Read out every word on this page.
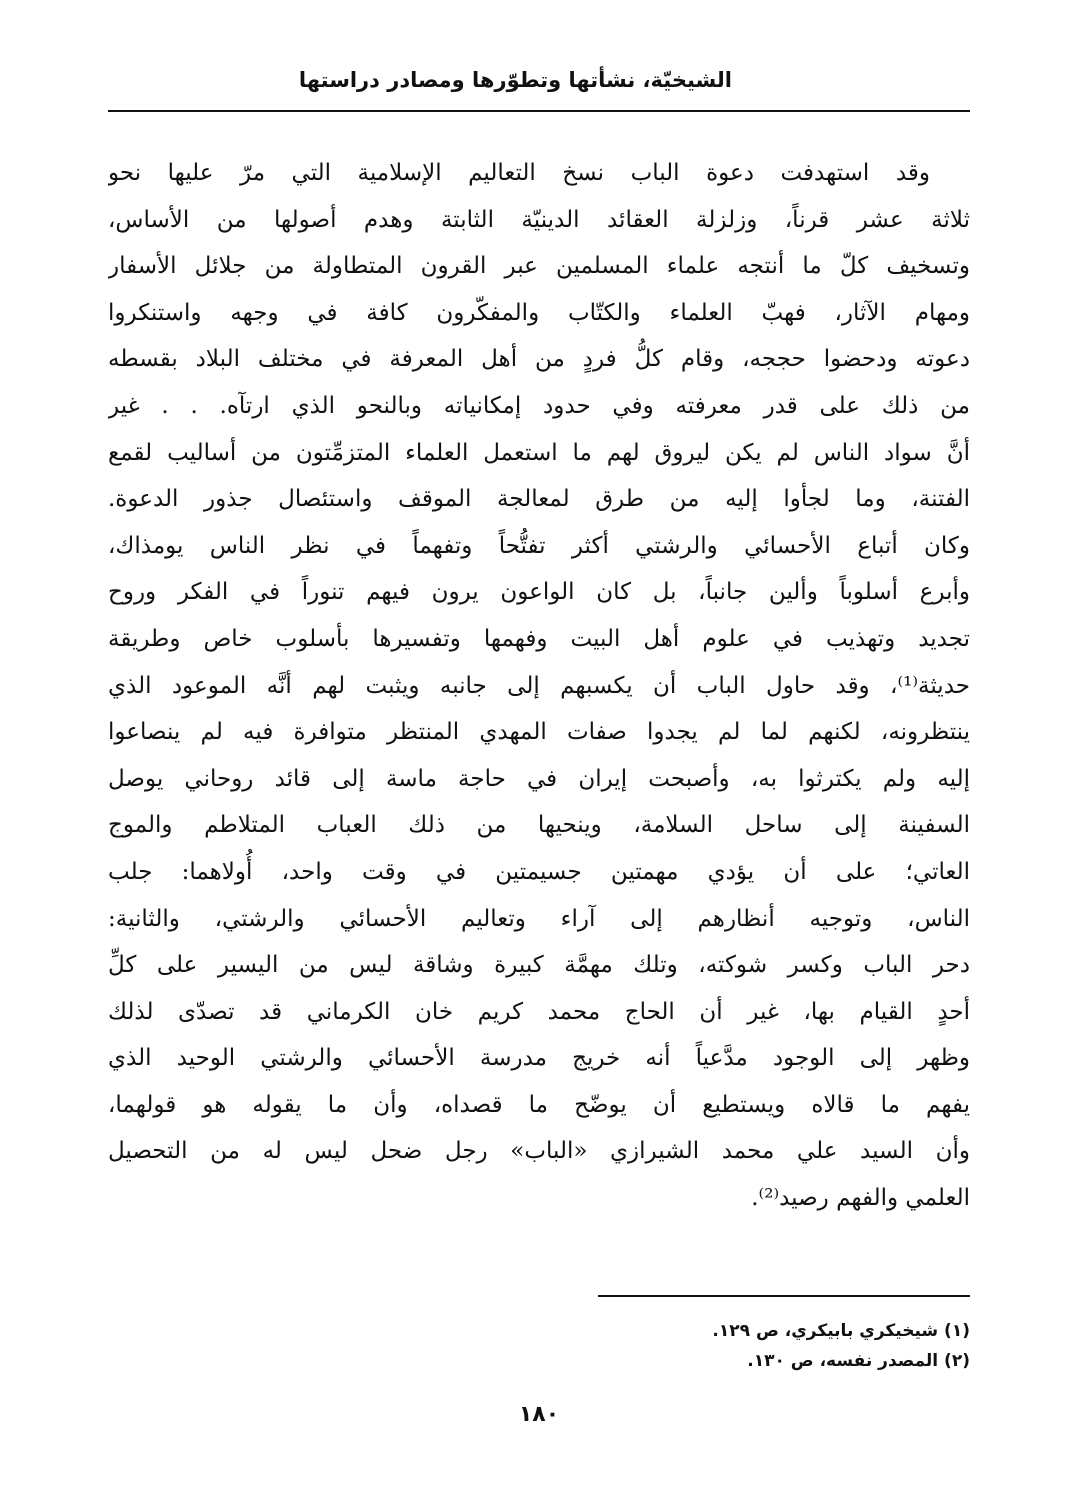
الشيخيّة، نشأتها وتطوّرها ومصادر دراستها
وقد استهدفت دعوة الباب نسخ التعاليم الإسلامية التي مرّ عليها نحو
ثلاثة عشر قرناً، وزلزلة العقائد الدينيّة الثابتة وهدم أصولها من الأساس،
وتسخيف كلّ ما أنتجه علماء المسلمين عبر القرون المتطاولة من جلائل الأسفار
ومهام الآثار، فهبّ العلماء والكتّاب والمفكّرون كافة في وجهه واستنكروا
دعوته ودحضوا حججه، وقام كلُّ فردٍ من أهل المعرفة في مختلف البلاد بقسطه
من ذلك على قدر معرفته وفي حدود إمكانياته وبالنحو الذي ارتآه. . . غير
أنَّ سواد الناس لم يكن ليروق لهم ما استعمل العلماء المتزمِّتون من أساليب لقمع
الفتنة، وما لجأوا إليه من طرق لمعالجة الموقف واستئصال جذور الدعوة.
وكان أتباع الأحسائي والرشتي أكثر تفتُّحاً وتفهماً في نظر الناس يومذاك،
وأبرع أسلوباً وألين جانباً، بل كان الواعون يرون فيهم تنوراً في الفكر وروح
تجديد وتهذيب في علوم أهل البيت وفهمها وتفسيرها بأسلوب خاص وطريقة
حديثة⁽¹⁾، وقد حاول الباب أن يكسبهم إلى جانبه ويثبت لهم أنَّه الموعود الذي
ينتظرونه، لكنهم لما لم يجدوا صفات المهدي المنتظر متوافرة فيه لم ينصاعوا
إليه ولم يكترثوا به، وأصبحت إيران في حاجة ماسة إلى قائد روحاني يوصل
السفينة إلى ساحل السلامة، وينحيها من ذلك العباب المتلاطم والموج
العاتي؛ على أن يؤدي مهمتين جسيمتين في وقت واحد، أُولاهما: جلب
الناس، وتوجيه أنظارهم إلى آراء وتعاليم الأحسائي والرشتي، والثانية:
دحر الباب وكسر شوكته، وتلك مهمَّة كبيرة وشاقة ليس من اليسير على كلِّ
أحدٍ القيام بها، غير أن الحاج محمد كريم خان الكرماني قد تصدّى لذلك
وظهر إلى الوجود مدَّعياً أنه خريج مدرسة الأحسائي والرشتي الوحيد الذي
يفهم ما قالاه ويستطيع أن يوضّح ما قصداه، وأن ما يقوله هو قولهما،
وأن السيد علي محمد الشيرازي «الباب» رجل ضحل ليس له من التحصيل
العلمي والفهم رصيد⁽²⁾.
(١) شيخيكري بابيكري، ص ١٢٩.
(٢) المصدر نفسه، ص ١٣٠.
١٨٠
